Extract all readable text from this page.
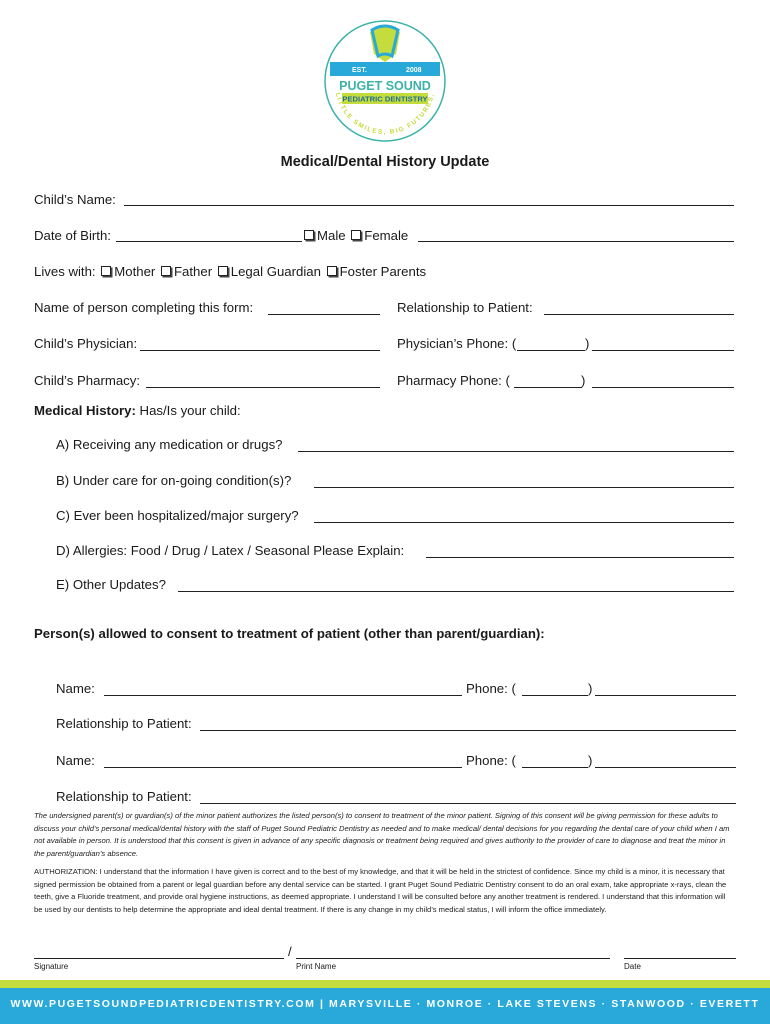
EST.	2008
PUGET SOUND
PEDIATRIC DENTISTRY
LITTLE SMILES, BIG FUTURES.
Medical/Dental History Update
Child’s Name:
Date of Birth:	Male Female
Lives with: Mother Father Legal Guardian Foster Parents
Name of person completing this form:	Relationship to Patient:
Child’s Physician:	Physician’s Phone: (	)
Child’s Pharmacy:	Pharmacy Phone: (	)
Medical History: Has/Is your child:
A) Receiving any medication or drugs?
B) Under care for on-going condition(s)?
C) Ever been hospitalized/major surgery?
D) Allergies: Food / Drug / Latex / Seasonal Please Explain:
E) Other Updates?
Person(s) allowed to consent to treatment of patient (other than parent/guardian):
Name:	Phone: (	)
Relationship to Patient:
Name:	Phone: (	)
Relationship to Patient:
The undersigned parent(s) or guardian(s) of the minor patient authorizes the listed person(s) to consent to treatment of the minor patient. Signing of this consent will be giving permission for these adults to discuss your child’s personal medical/dental history with the staff of Puget Sound Pediatric Dentistry as needed and to make medical/ dental decisions for you regarding the dental care of your child when I am not available in person. It is understood that this consent is given in advance of any specific diagnosis or treatment being required and gives authority to the provider of care to diagnose and treat the minor in the parent/guardian’s absence.
AUTHORIZATION: I understand that the information I have given is correct and to the best of my knowledge, and that it will be held in the strictest of confidence. Since my child is a minor, it is necessary that signed permission be obtained from a parent or legal guardian before any dental service can be started. I grant Puget Sound Pediatric Dentistry consent to do an oral exam, take appropriate x-rays, clean the teeth, give a Fluoride treatment, and provide oral hygiene instructions, as deemed appropriate. I understand I will be consulted before any another treatment is rendered. I understand that this information will be used by our dentists to help determine the appropriate and ideal dental treatment. If there is any change in my child’s medical status, I will inform the office immediately.
/
Signature	Print Name	Date
WWW.PUGETSOUNDPEDIATRICDENTISTRY.COM | MARYSVILLE · MONROE · LAKE STEVENS · STANWOOD · EVERETT
